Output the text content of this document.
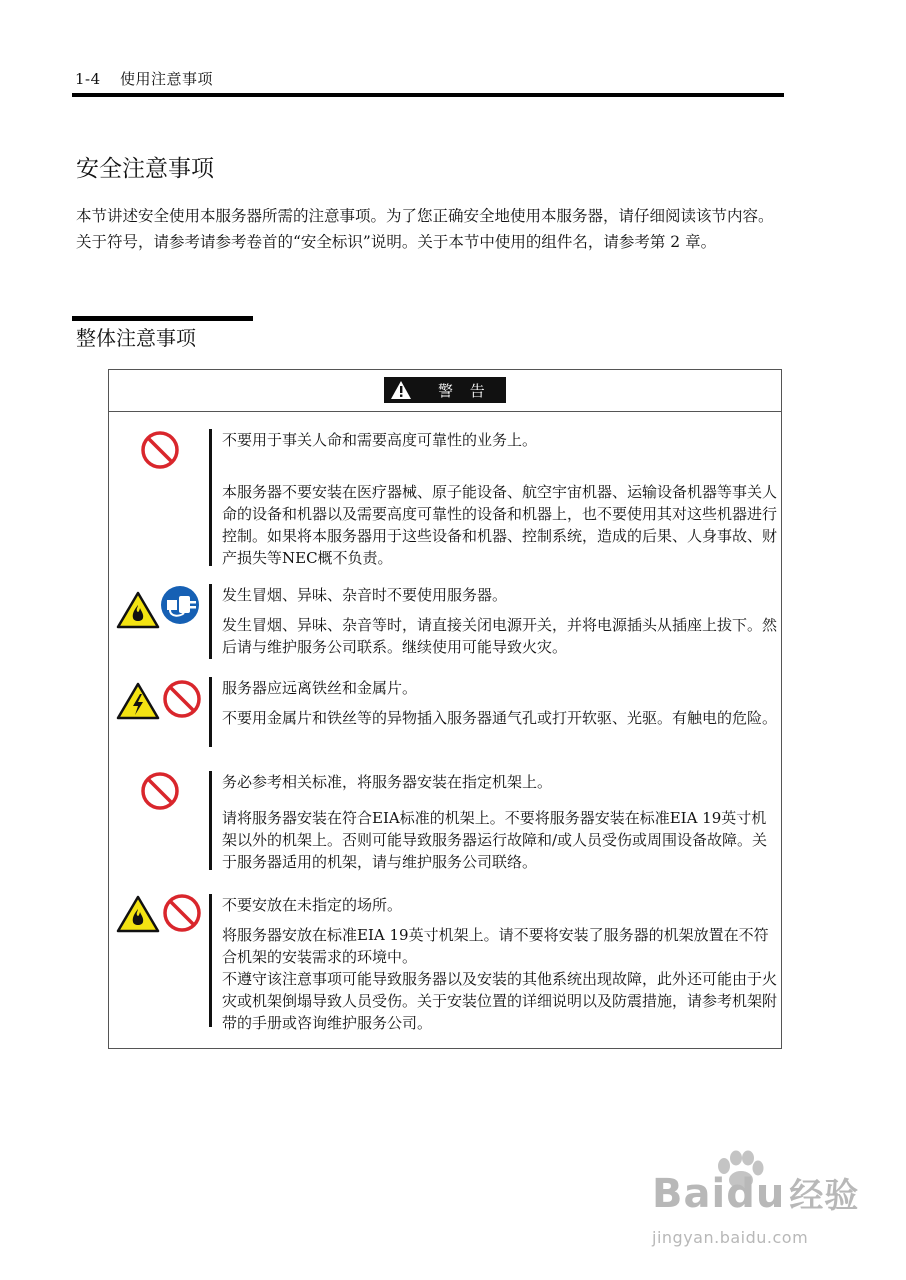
1-4 使用注意事项
安全注意事项
本节讲述安全使用本服务器所需的注意事项。为了您正确安全地使用本服务器，请仔细阅读该节内容。关于符号，请参考请参考卷首的“安全标识”说明。关于本节中使用的组件名，请参考第 2 章。
整体注意事项
警 告
不要用于事关人命和需要高度可靠性的业务上。
本服务器不要安装在医疗器械、原子能设备、航空宇宙机器、运输设备机器等事关人命的设备和机器以及需要高度可靠性的设备和机器上，也不要使用其对这些机器进行控制。如果将本服务器用于这些设备和机器、控制系统，造成的后果、人身事故、财产损失等NEC概不负责。
发生冒烟、异味、杂音时不要使用服务器。
发生冒烟、异味、杂音等时，请直接关闭电源开关，并将电源插头从插座上拔下。然后请与维护服务公司联系。继续使用可能导致火灾。
服务器应远离铁丝和金属片。
不要用金属片和铁丝等的异物插入服务器通气孔或打开软驱、光驱。有触电的危险。
务必参考相关标准，将服务器安装在指定机架上。
请将服务器安装在符合EIA标准的机架上。不要将服务器安装在标准EIA 19英寸机架以外的机架上。否则可能导致服务器运行故障和/或人员受伤或周围设备故障。关于服务器适用的机架，请与维护服务公司联络。
不要安放在未指定的场所。
将服务器安放在标准EIA 19英寸机架上。请不要将安装了服务器的机架放置在不符合机架的安装需求的环境中。
不遵守该注意事项可能导致服务器以及安装的其他系统出现故障，此外还可能由于火灾或机架倒塌导致人员受伤。关于安装位置的详细说明以及防震措施，请参考机架附带的手册或咨询维护服务公司。
Baidu 经验
jingyan.baidu.com
